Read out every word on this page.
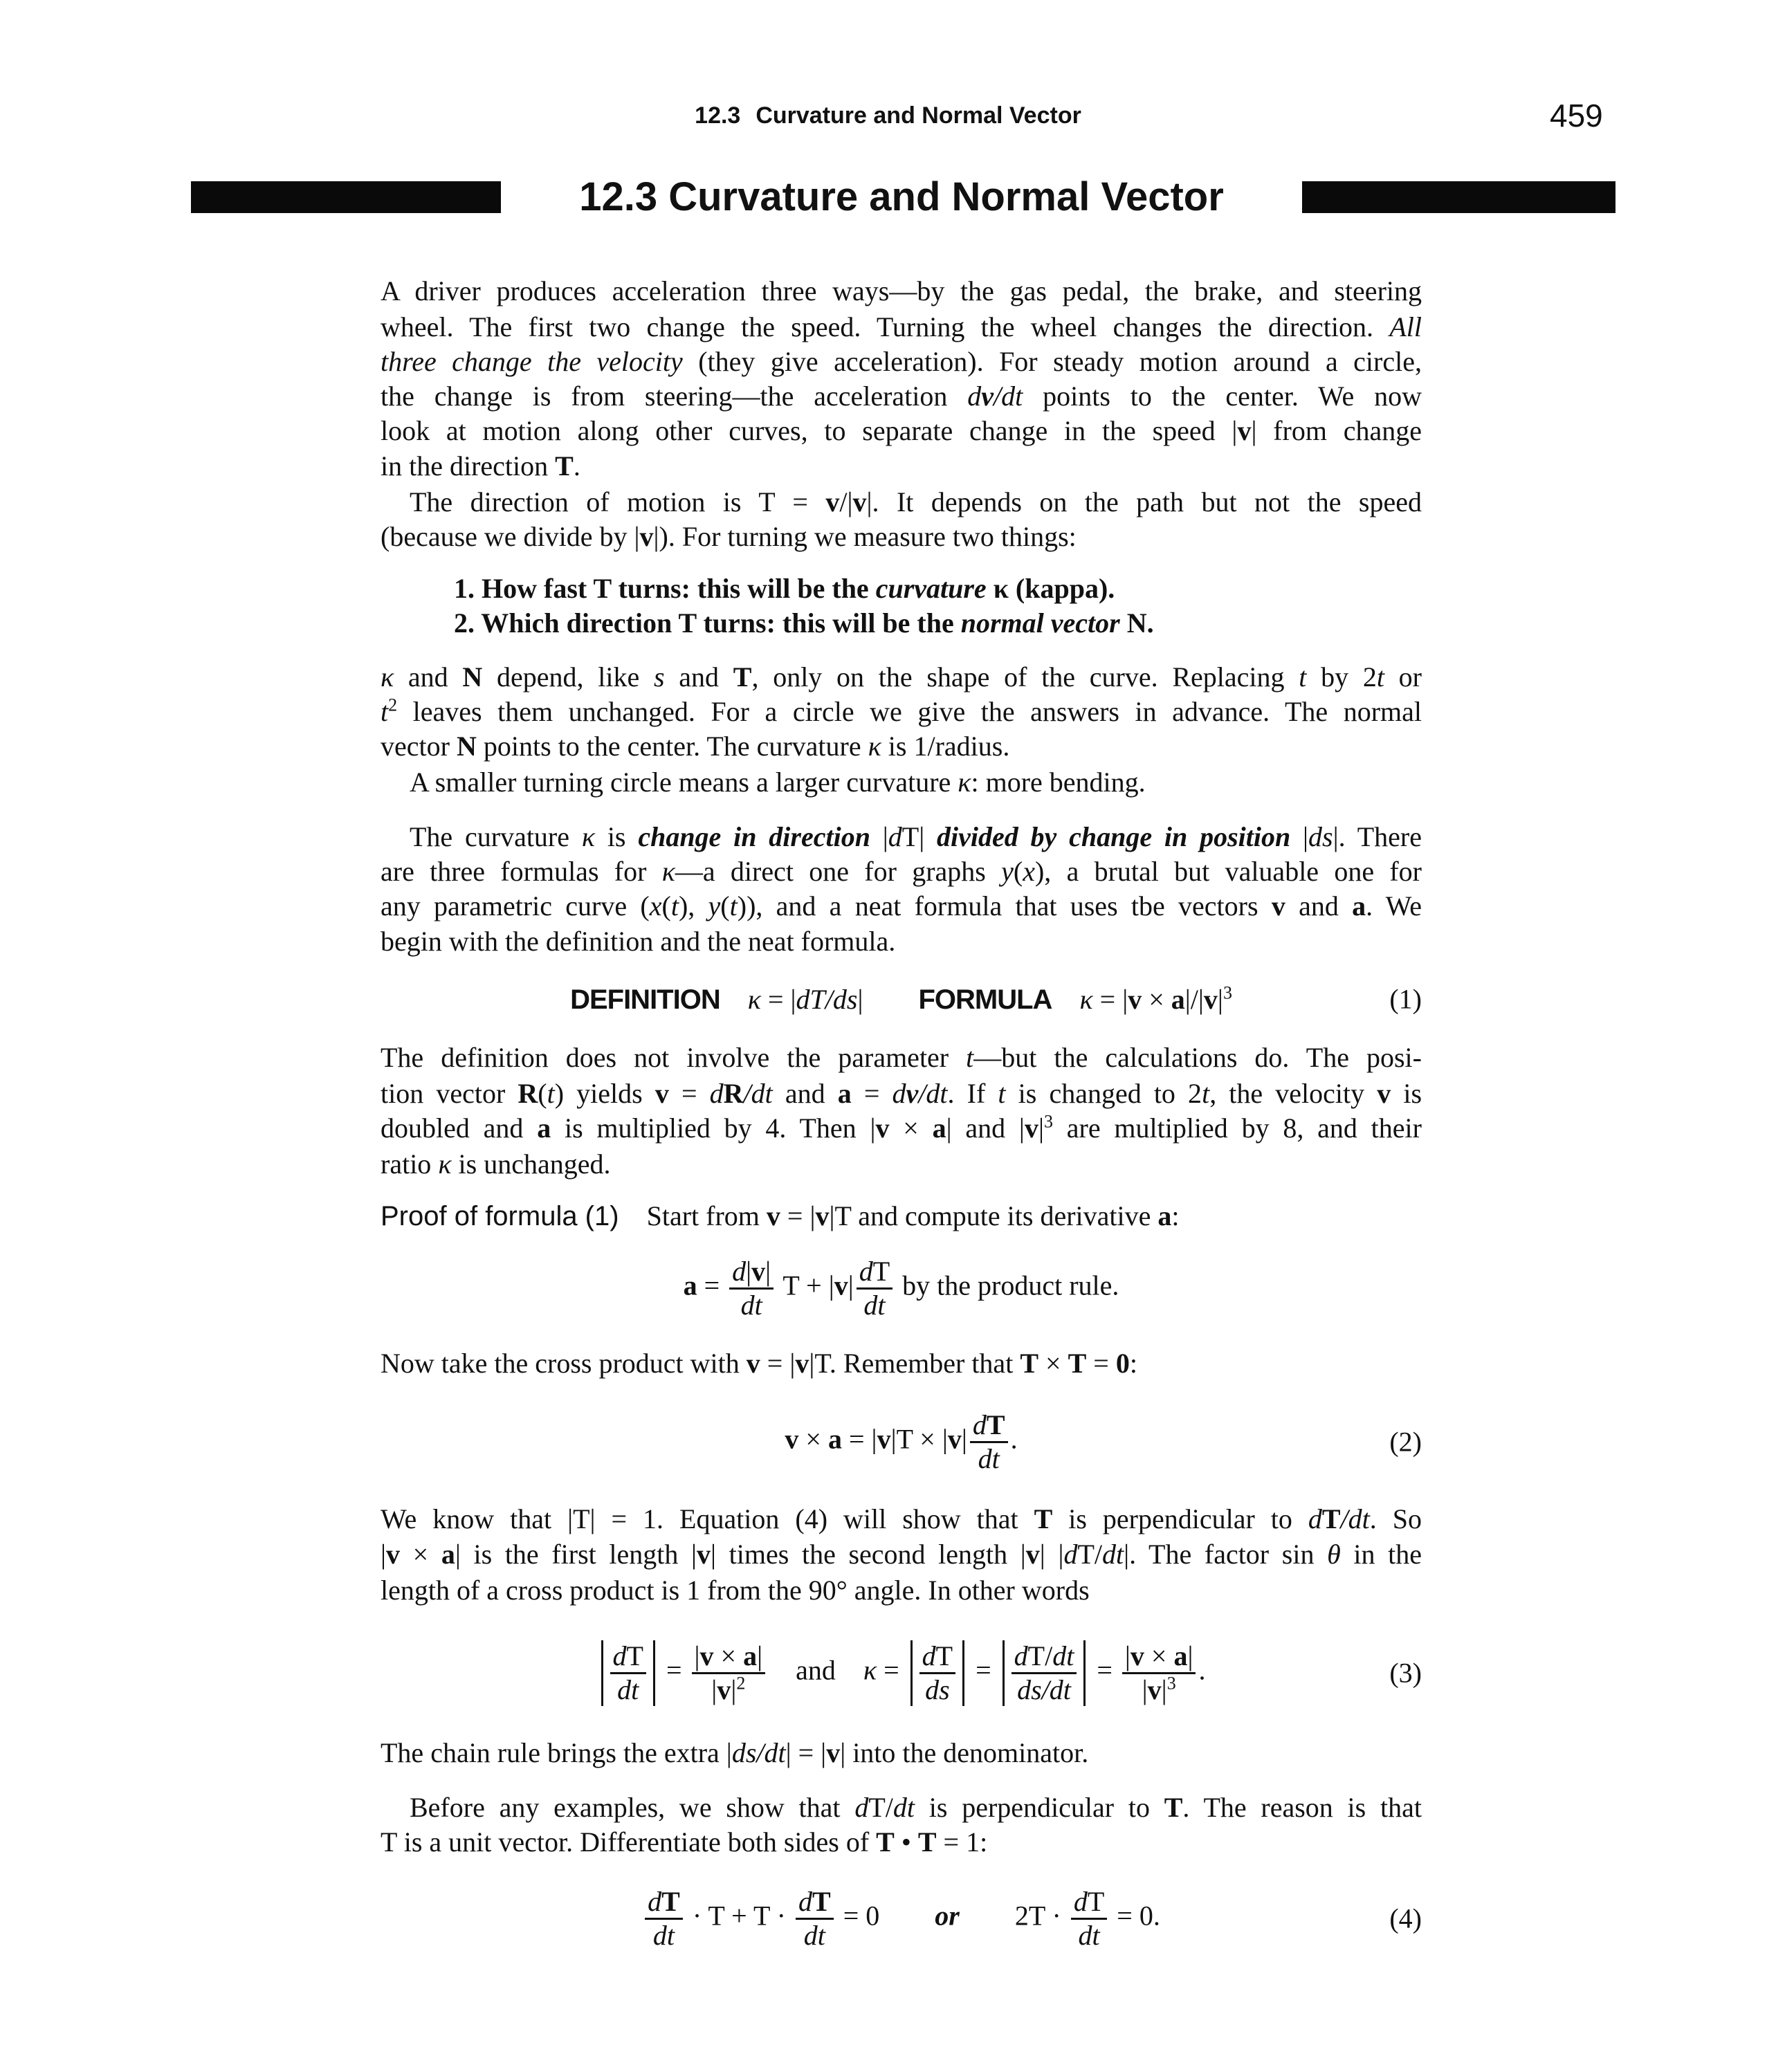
12.3 Curvature and Normal Vector	459
12.3 Curvature and Normal Vector
A driver produces acceleration three ways—by the gas pedal, the brake, and steering
wheel. The first two change the speed. Turning the wheel changes the direction. All
three change the velocity (they give acceleration). For steady motion around a circle,
the change is from steering—the acceleration dv/dt points to the center. We now
look at motion along other curves, to separate change in the speed |v| from change
in the direction T.
The direction of motion is T = v/|v|. It depends on the path but not the speed
(because we divide by |v|). For turning we measure two things:
1. How fast T turns: this will be the curvature κ (kappa).
2. Which direction T turns: this will be the normal vector N.
κ and N depend, like s and T, only on the shape of the curve. Replacing t by 2t or
$t^2$ leaves them unchanged. For a circle we give the answers in advance. The normal
vector N points to the center. The curvature κ is 1/radius.
A smaller turning circle means a larger curvature κ: more bending.
The curvature κ is change in direction |dT| divided by change in position |ds|. There
are three formulas for κ—a direct one for graphs y(x), a brutal but valuable one for
any parametric curve (x(t), y(t)), and a neat formula that uses tbe vectors v and a. We
begin with the definition and the neat formula.
DEFINITION κ = |dT/ds| FORMULA $\kappa = |v \times a|/|v|^3$	(1)
The definition does not involve the parameter t—but the calculations do. The posi-
tion vector R(t) yields v = dR/dt and a = dv/dt. If t is changed to 2t, the velocity v is
doubled and a is multiplied by 4. Then |v × a| and $|v|^3$ are multiplied by 8, and their
ratio κ is unchanged.
Proof of formula (1) Start from v = |v|T and compute its derivative a:
$a = \frac{d|v|}{dt}$ $T + |v| \frac{dT}{dt}$ by the product rule.
Now take the cross product with v = |v|T. Remember that T × T = 0:
$v \times a = |v|T \times |v| \frac{dT}{dt}$ .	(2)
We know that |T| = 1. Equation (4) will show that T is perpendicular to dT/dt. So
|v × a| is the first length |v| times the second length |v| |dT/dt|. The factor sin θ in the
length of a cross product is 1 from the 90° angle. In other words
$\frac{dT}{dt} = \frac{|v \times a|}{|v|^2}$ and $\kappa = \frac{dT}{ds} = \frac{dT/dt}{ds/dt} = \frac{|v \times a|}{|v|^3}$ .	(3)
The chain rule brings the extra |ds/dt| = |v| into the denominator.
Before any examples, we show that dT/dt is perpendicular to T. The reason is that
T is a unit vector. Differentiate both sides of T • T = 1:
$\frac{dT}{dt} \cdot T + T \cdot \frac{dT}{dt} = 0$ or $2T \cdot \frac{dT}{dt} = 0$.	(4)
